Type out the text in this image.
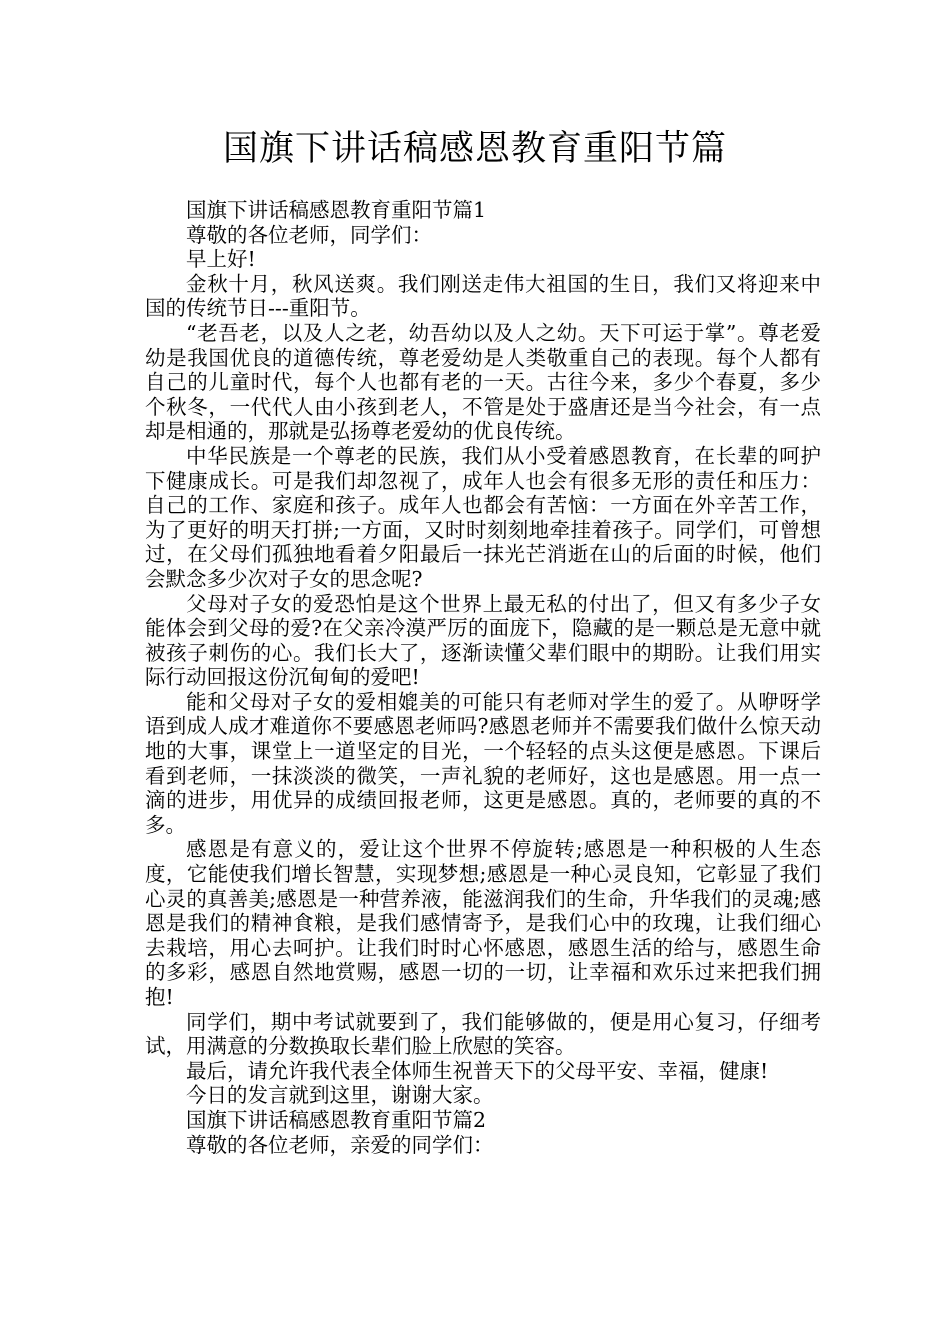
国旗下讲话稿感恩教育重阳节篇

国旗下讲话稿感恩教育重阳节篇1

尊敬的各位老师，同学们：

早上好!

金秋十月，秋风送爽。我们刚送走伟大祖国的生日，我们又将迎来中国的传统节日---重阳节。

“老吾老，以及人之老，幼吾幼以及人之幼。天下可运于掌”。尊老爱幼是我国优良的道德传统，尊老爱幼是人类敬重自己的表现。每个人都有自己的儿童时代，每个人也都有老的一天。古往今来，多少个春夏，多少个秋冬，一代代人由小孩到老人，不管是处于盛唐还是当今社会，有一点却是相通的，那就是弘扬尊老爱幼的优良传统。

中华民族是一个尊老的民族，我们从小受着感恩教育，在长辈的呵护下健康成长。可是我们却忽视了，成年人也会有很多无形的责任和压力：自己的工作、家庭和孩子。成年人也都会有苦恼：一方面在外辛苦工作，为了更好的明天打拼;一方面，又时时刻刻地牵挂着孩子。同学们，可曾想过，在父母们孤独地看着夕阳最后一抹光芒消逝在山的后面的时候，他们会默念多少次对子女的思念呢?

父母对子女的爱恐怕是这个世界上最无私的付出了，但又有多少子女能体会到父母的爱?在父亲冷漠严厉的面庞下，隐藏的是一颗总是无意中就被孩子刺伤的心。我们长大了，逐渐读懂父辈们眼中的期盼。让我们用实际行动回报这份沉甸甸的爱吧!

能和父母对子女的爱相媲美的可能只有老师对学生的爱了。从咿呀学语到成人成才难道你不要感恩老师吗?感恩老师并不需要我们做什么惊天动地的大事，课堂上一道坚定的目光，一个轻轻的点头这便是感恩。下课后看到老师，一抹淡淡的微笑，一声礼貌的老师好，这也是感恩。用一点一滴的进步，用优异的成绩回报老师，这更是感恩。真的，老师要的真的不多。

感恩是有意义的，爱让这个世界不停旋转;感恩是一种积极的人生态度，它能使我们增长智慧，实现梦想;感恩是一种心灵良知，它彰显了我们心灵的真善美;感恩是一种营养液，能滋润我们的生命，升华我们的灵魂;感恩是我们的精神食粮，是我们感情寄予，是我们心中的玫瑰，让我们细心去栽培，用心去呵护。让我们时时心怀感恩，感恩生活的给与，感恩生命的多彩，感恩自然地赏赐，感恩一切的一切，让幸福和欢乐过来把我们拥抱!

同学们，期中考试就要到了，我们能够做的，便是用心复习，仔细考试，用满意的分数换取长辈们脸上欣慰的笑容。

最后，请允许我代表全体师生祝普天下的父母平安、幸福，健康!

今日的发言就到这里，谢谢大家。

国旗下讲话稿感恩教育重阳节篇2

尊敬的各位老师，亲爱的同学们：
